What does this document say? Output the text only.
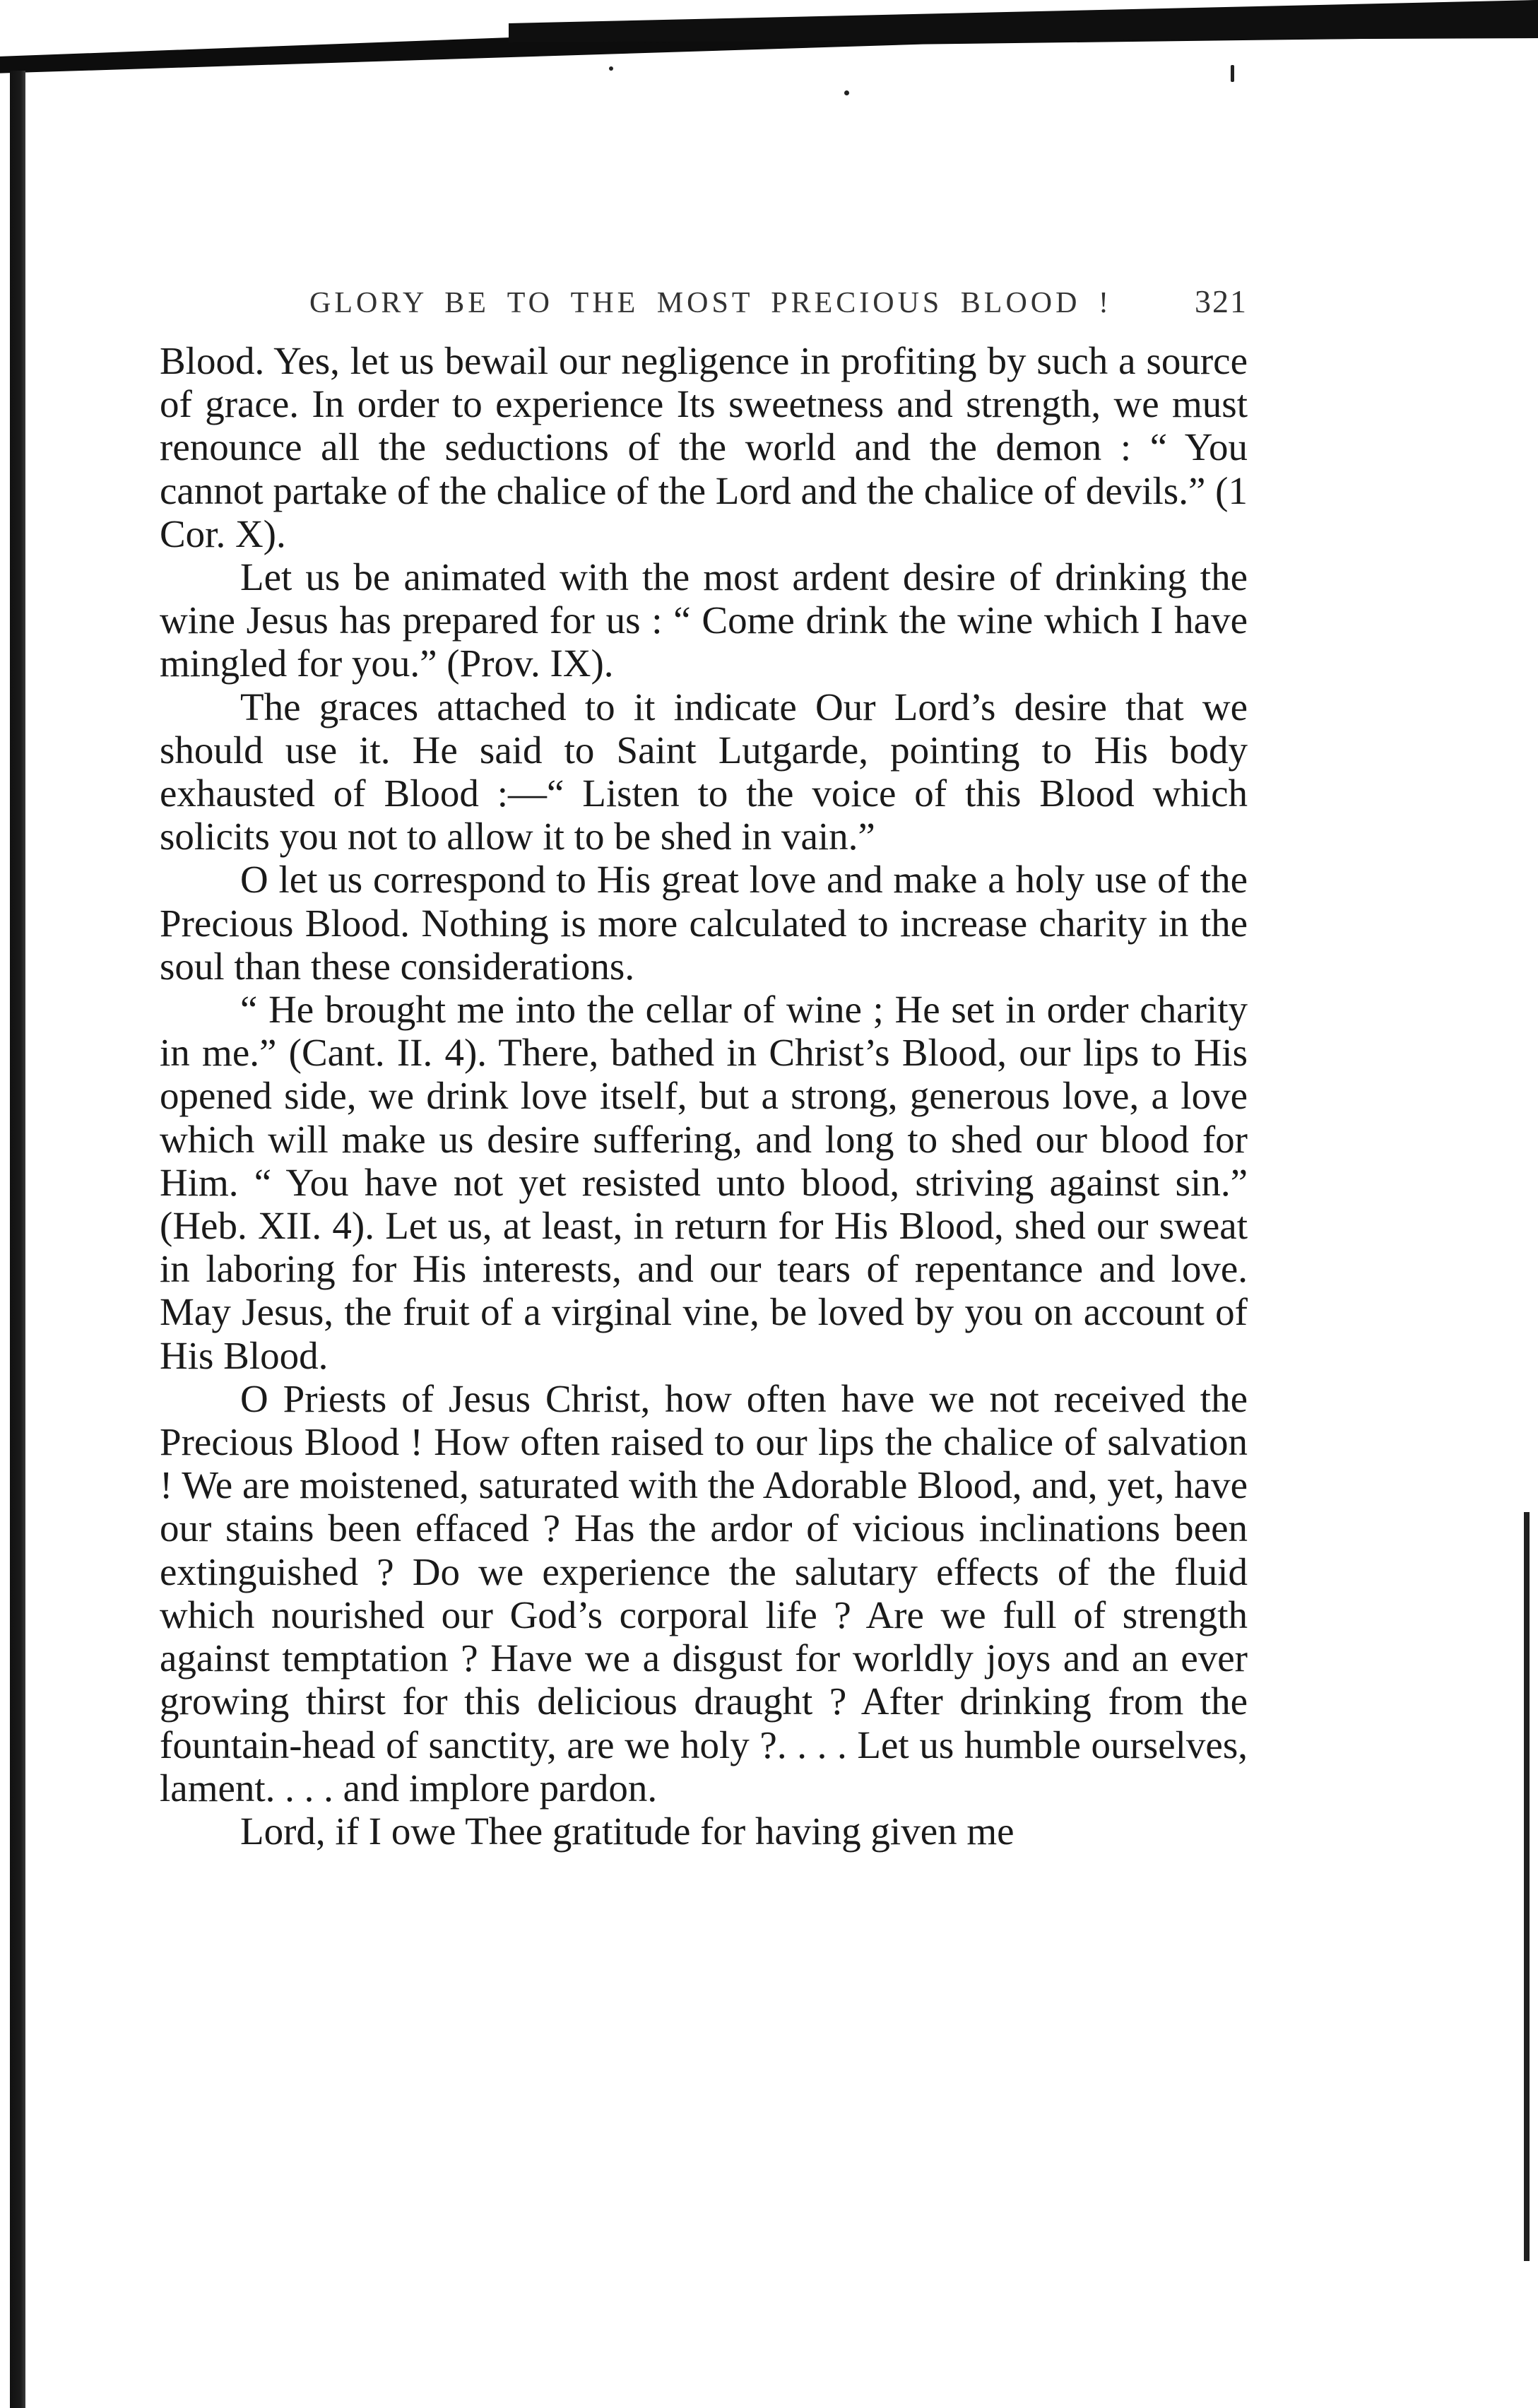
GLORY BE TO THE MOST PRECIOUS BLOOD !	321

Blood. Yes, let us bewail our negligence in profiting by such a source of grace. In order to experience Its sweetness and strength, we must renounce all the seductions of the world and the demon : “ You cannot partake of the chalice of the Lord and the chalice of devils.” (1 Cor. X).

Let us be animated with the most ardent desire of drinking the wine Jesus has prepared for us : “ Come drink the wine which I have mingled for you.” (Prov. IX).

The graces attached to it indicate Our Lord’s desire that we should use it. He said to Saint Lutgarde, pointing to His body exhausted of Blood :—“ Listen to the voice of this Blood which solicits you not to allow it to be shed in vain.”

O let us correspond to His great love and make a holy use of the Precious Blood. Nothing is more calculated to increase charity in the soul than these considerations.

“ He brought me into the cellar of wine ; He set in order charity in me.” (Cant. II. 4). There, bathed in Christ’s Blood, our lips to His opened side, we drink love itself, but a strong, generous love, a love which will make us desire suffering, and long to shed our blood for Him. “ You have not yet resisted unto blood, striving against sin.” (Heb. XII. 4). Let us, at least, in return for His Blood, shed our sweat in laboring for His interests, and our tears of repentance and love. May Jesus, the fruit of a virginal vine, be loved by you on account of His Blood.

O Priests of Jesus Christ, how often have we not received the Precious Blood ! How often raised to our lips the chalice of salvation ! We are moistened, saturated with the Adorable Blood, and, yet, have our stains been effaced ? Has the ardor of vicious inclinations been extinguished ? Do we experience the salutary effects of the fluid which nourished our God’s corporal life ? Are we full of strength against temptation ? Have we a disgust for worldly joys and an ever growing thirst for this delicious draught ? After drinking from the fountain-head of sanctity, are we holy ?. . . . Let us humble ourselves, lament. . . . and implore pardon.

Lord, if I owe Thee gratitude for having given me
